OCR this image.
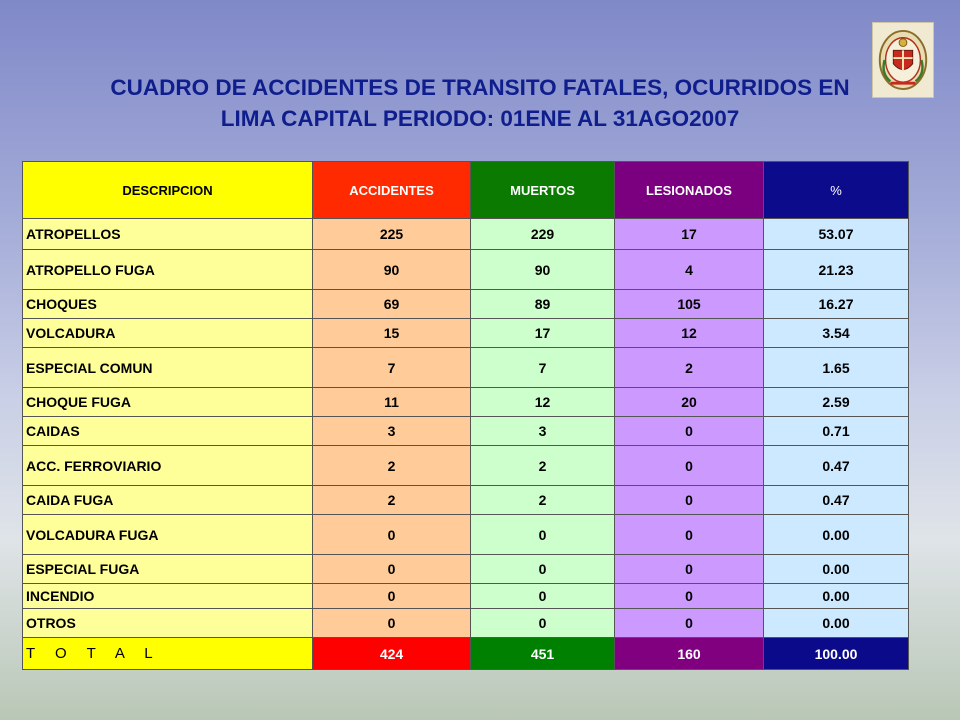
CUADRO DE ACCIDENTES DE TRANSITO FATALES, OCURRIDOS EN
LIMA CAPITAL PERIODO: 01ENE AL 31AGO2007
DESCRIPCION	ACCIDENTES	MUERTOS	LESIONADOS	%
ATROPELLOS	225	229	17	53.07
ATROPELLO FUGA	90	90	4	21.23
CHOQUES	69	89	105	16.27
VOLCADURA	15	17	12	3.54
ESPECIAL COMUN	7	7	2	1.65
CHOQUE FUGA	11	12	20	2.59
CAIDAS	3	3	0	0.71
ACC. FERROVIARIO	2	2	0	0.47
CAIDA FUGA	2	2	0	0.47
VOLCADURA FUGA	0	0	0	0.00
ESPECIAL FUGA	0	0	0	0.00
INCENDIO	0	0	0	0.00
OTROS	0	0	0	0.00
T O T A L	424	451	160	100.00
